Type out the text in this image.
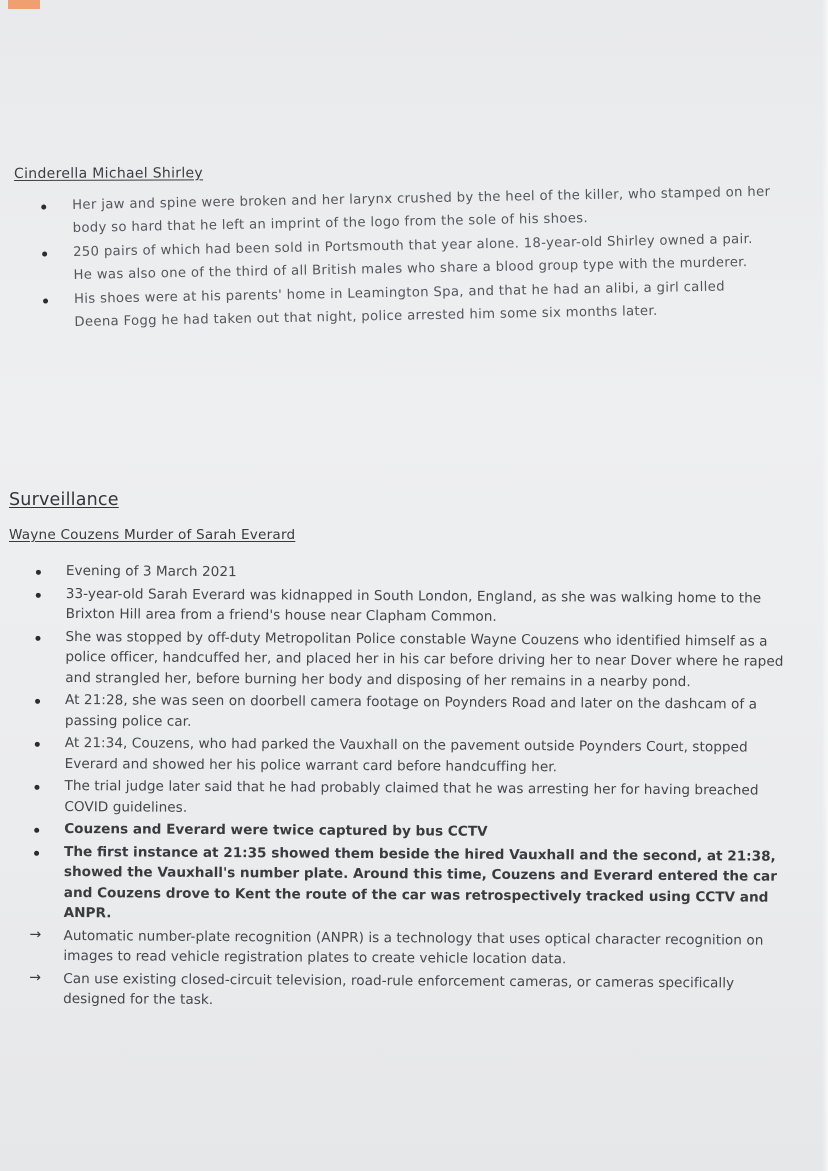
Cinderella Michael Shirley
Her jaw and spine were broken and her larynx crushed by the heel of the killer, who stamped on her body so hard that he left an imprint of the logo from the sole of his shoes.
250 pairs of which had been sold in Portsmouth that year alone. 18-year-old Shirley owned a pair. He was also one of the third of all British males who share a blood group type with the murderer.
His shoes were at his parents' home in Leamington Spa, and that he had an alibi, a girl called Deena Fogg he had taken out that night, police arrested him some six months later.
Surveillance
Wayne Couzens Murder of Sarah Everard
Evening of 3 March 2021
33-year-old Sarah Everard was kidnapped in South London, England, as she was walking home to the Brixton Hill area from a friend's house near Clapham Common.
She was stopped by off-duty Metropolitan Police constable Wayne Couzens who identified himself as a police officer, handcuffed her, and placed her in his car before driving her to near Dover where he raped and strangled her, before burning her body and disposing of her remains in a nearby pond.
At 21:28, she was seen on doorbell camera footage on Poynders Road and later on the dashcam of a passing police car.
At 21:34, Couzens, who had parked the Vauxhall on the pavement outside Poynders Court, stopped Everard and showed her his police warrant card before handcuffing her.
The trial judge later said that he had probably claimed that he was arresting her for having breached COVID guidelines.
Couzens and Everard were twice captured by bus CCTV
The first instance at 21:35 showed them beside the hired Vauxhall and the second, at 21:38, showed the Vauxhall's number plate. Around this time, Couzens and Everard entered the car and Couzens drove to Kent the route of the car was retrospectively tracked using CCTV and ANPR.
→ Automatic number-plate recognition (ANPR) is a technology that uses optical character recognition on images to read vehicle registration plates to create vehicle location data.
→ Can use existing closed-circuit television, road-rule enforcement cameras, or cameras specifically designed for the task.
